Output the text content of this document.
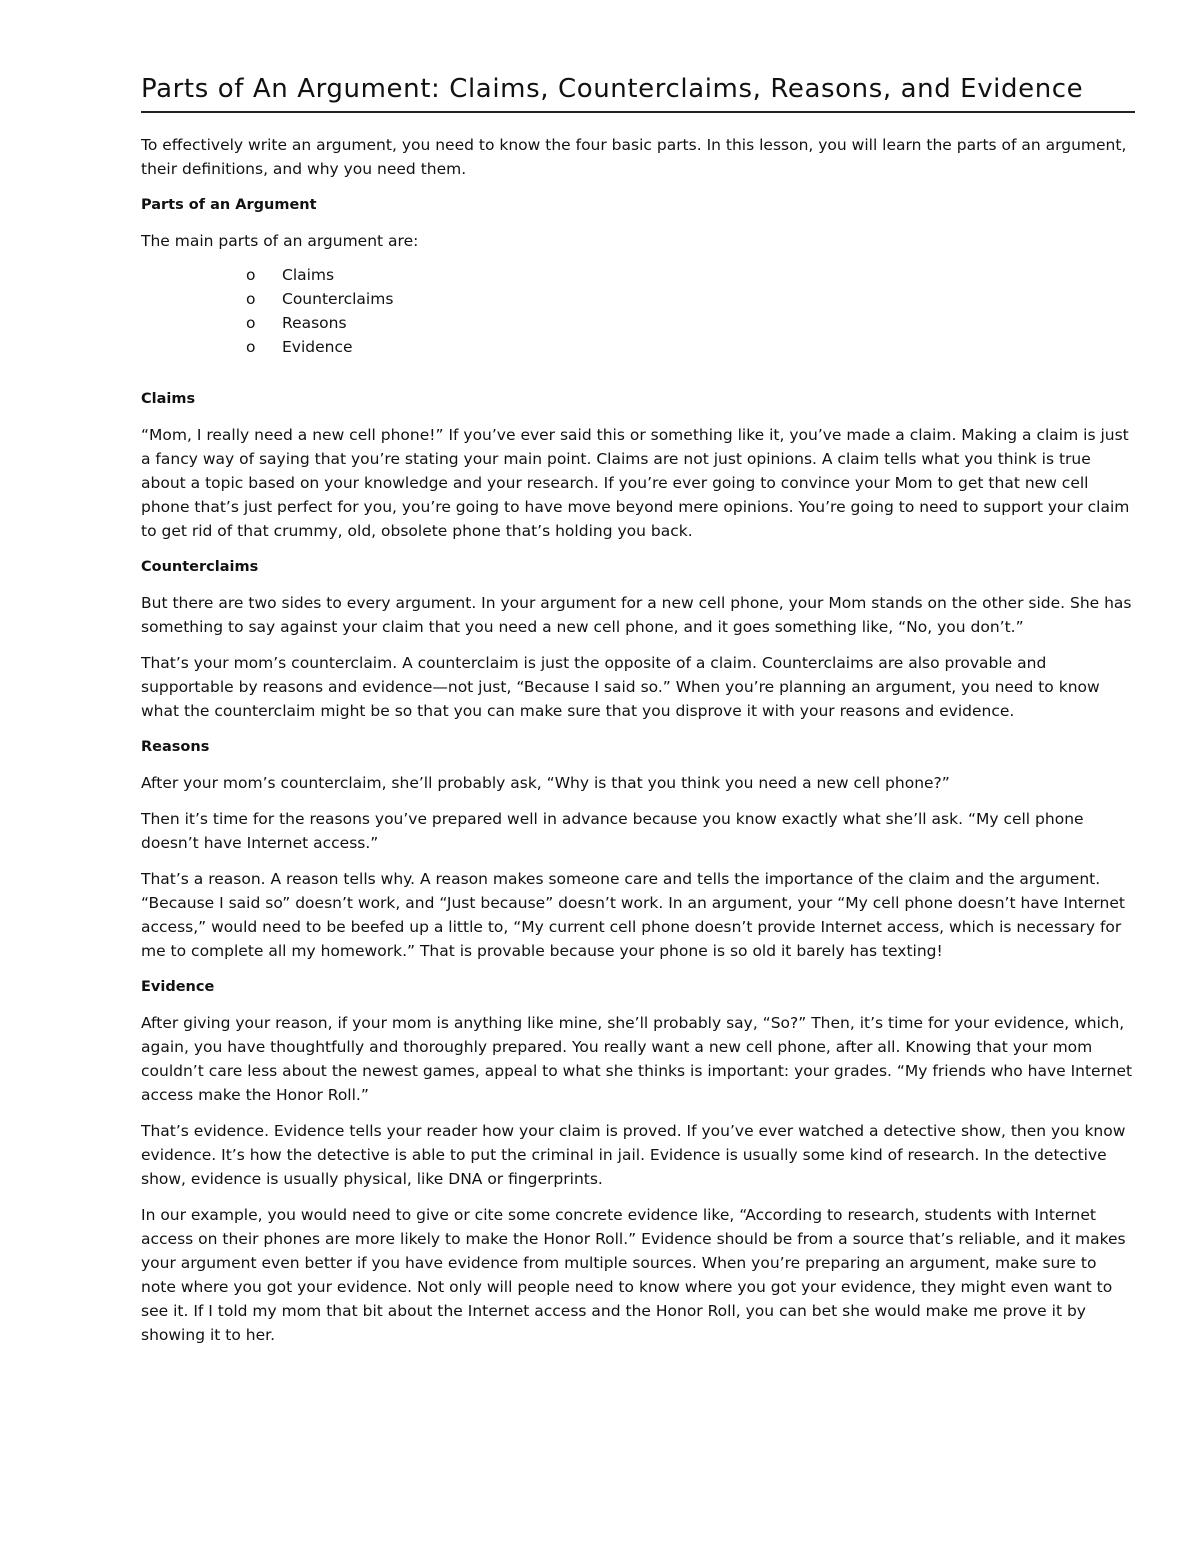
Parts of An Argument: Claims, Counterclaims, Reasons, and Evidence

To effectively write an argument, you need to know the four basic parts. In this lesson, you will learn the parts of an argument, their definitions, and why you need them.

Parts of an Argument

The main parts of an argument are:

o	Claims
o	Counterclaims
o	Reasons
o	Evidence
Claims

“Mom, I really need a new cell phone!” If you’ve ever said this or something like it, you’ve made a claim. Making a claim is just a fancy way of saying that you’re stating your main point. Claims are not just opinions. A claim tells what you think is true about a topic based on your knowledge and your research. If you’re ever going to convince your Mom to get that new cell phone that’s just perfect for you, you’re going to have move beyond mere opinions. You’re going to need to support your claim to get rid of that crummy, old, obsolete phone that’s holding you back.

Counterclaims

But there are two sides to every argument. In your argument for a new cell phone, your Mom stands on the other side. She has something to say against your claim that you need a new cell phone, and it goes something like, “No, you don’t.”

That’s your mom’s counterclaim. A counterclaim is just the opposite of a claim. Counterclaims are also provable and supportable by reasons and evidence—not just, “Because I said so.” When you’re planning an argument, you need to know what the counterclaim might be so that you can make sure that you disprove it with your reasons and evidence.

Reasons

After your mom’s counterclaim, she’ll probably ask, “Why is that you think you need a new cell phone?”

Then it’s time for the reasons you’ve prepared well in advance because you know exactly what she’ll ask. “My cell phone doesn’t have Internet access.”

That’s a reason. A reason tells why. A reason makes someone care and tells the importance of the claim and the argument. “Because I said so” doesn’t work, and “Just because” doesn’t work. In an argument, your “My cell phone doesn’t have Internet access,” would need to be beefed up a little to, “My current cell phone doesn’t provide Internet access, which is necessary for me to complete all my homework.” That is provable because your phone is so old it barely has texting!

Evidence

After giving your reason, if your mom is anything like mine, she’ll probably say, “So?” Then, it’s time for your evidence, which, again, you have thoughtfully and thoroughly prepared. You really want a new cell phone, after all. Knowing that your mom couldn’t care less about the newest games, appeal to what she thinks is important: your grades. “My friends who have Internet access make the Honor Roll.”

That’s evidence. Evidence tells your reader how your claim is proved. If you’ve ever watched a detective show, then you know evidence. It’s how the detective is able to put the criminal in jail. Evidence is usually some kind of research. In the detective show, evidence is usually physical, like DNA or fingerprints.

In our example, you would need to give or cite some concrete evidence like, “According to research, students with Internet access on their phones are more likely to make the Honor Roll.” Evidence should be from a source that’s reliable, and it makes your argument even better if you have evidence from multiple sources. When you’re preparing an argument, make sure to note where you got your evidence. Not only will people need to know where you got your evidence, they might even want to see it. If I told my mom that bit about the Internet access and the Honor Roll, you can bet she would make me prove it by showing it to her.
